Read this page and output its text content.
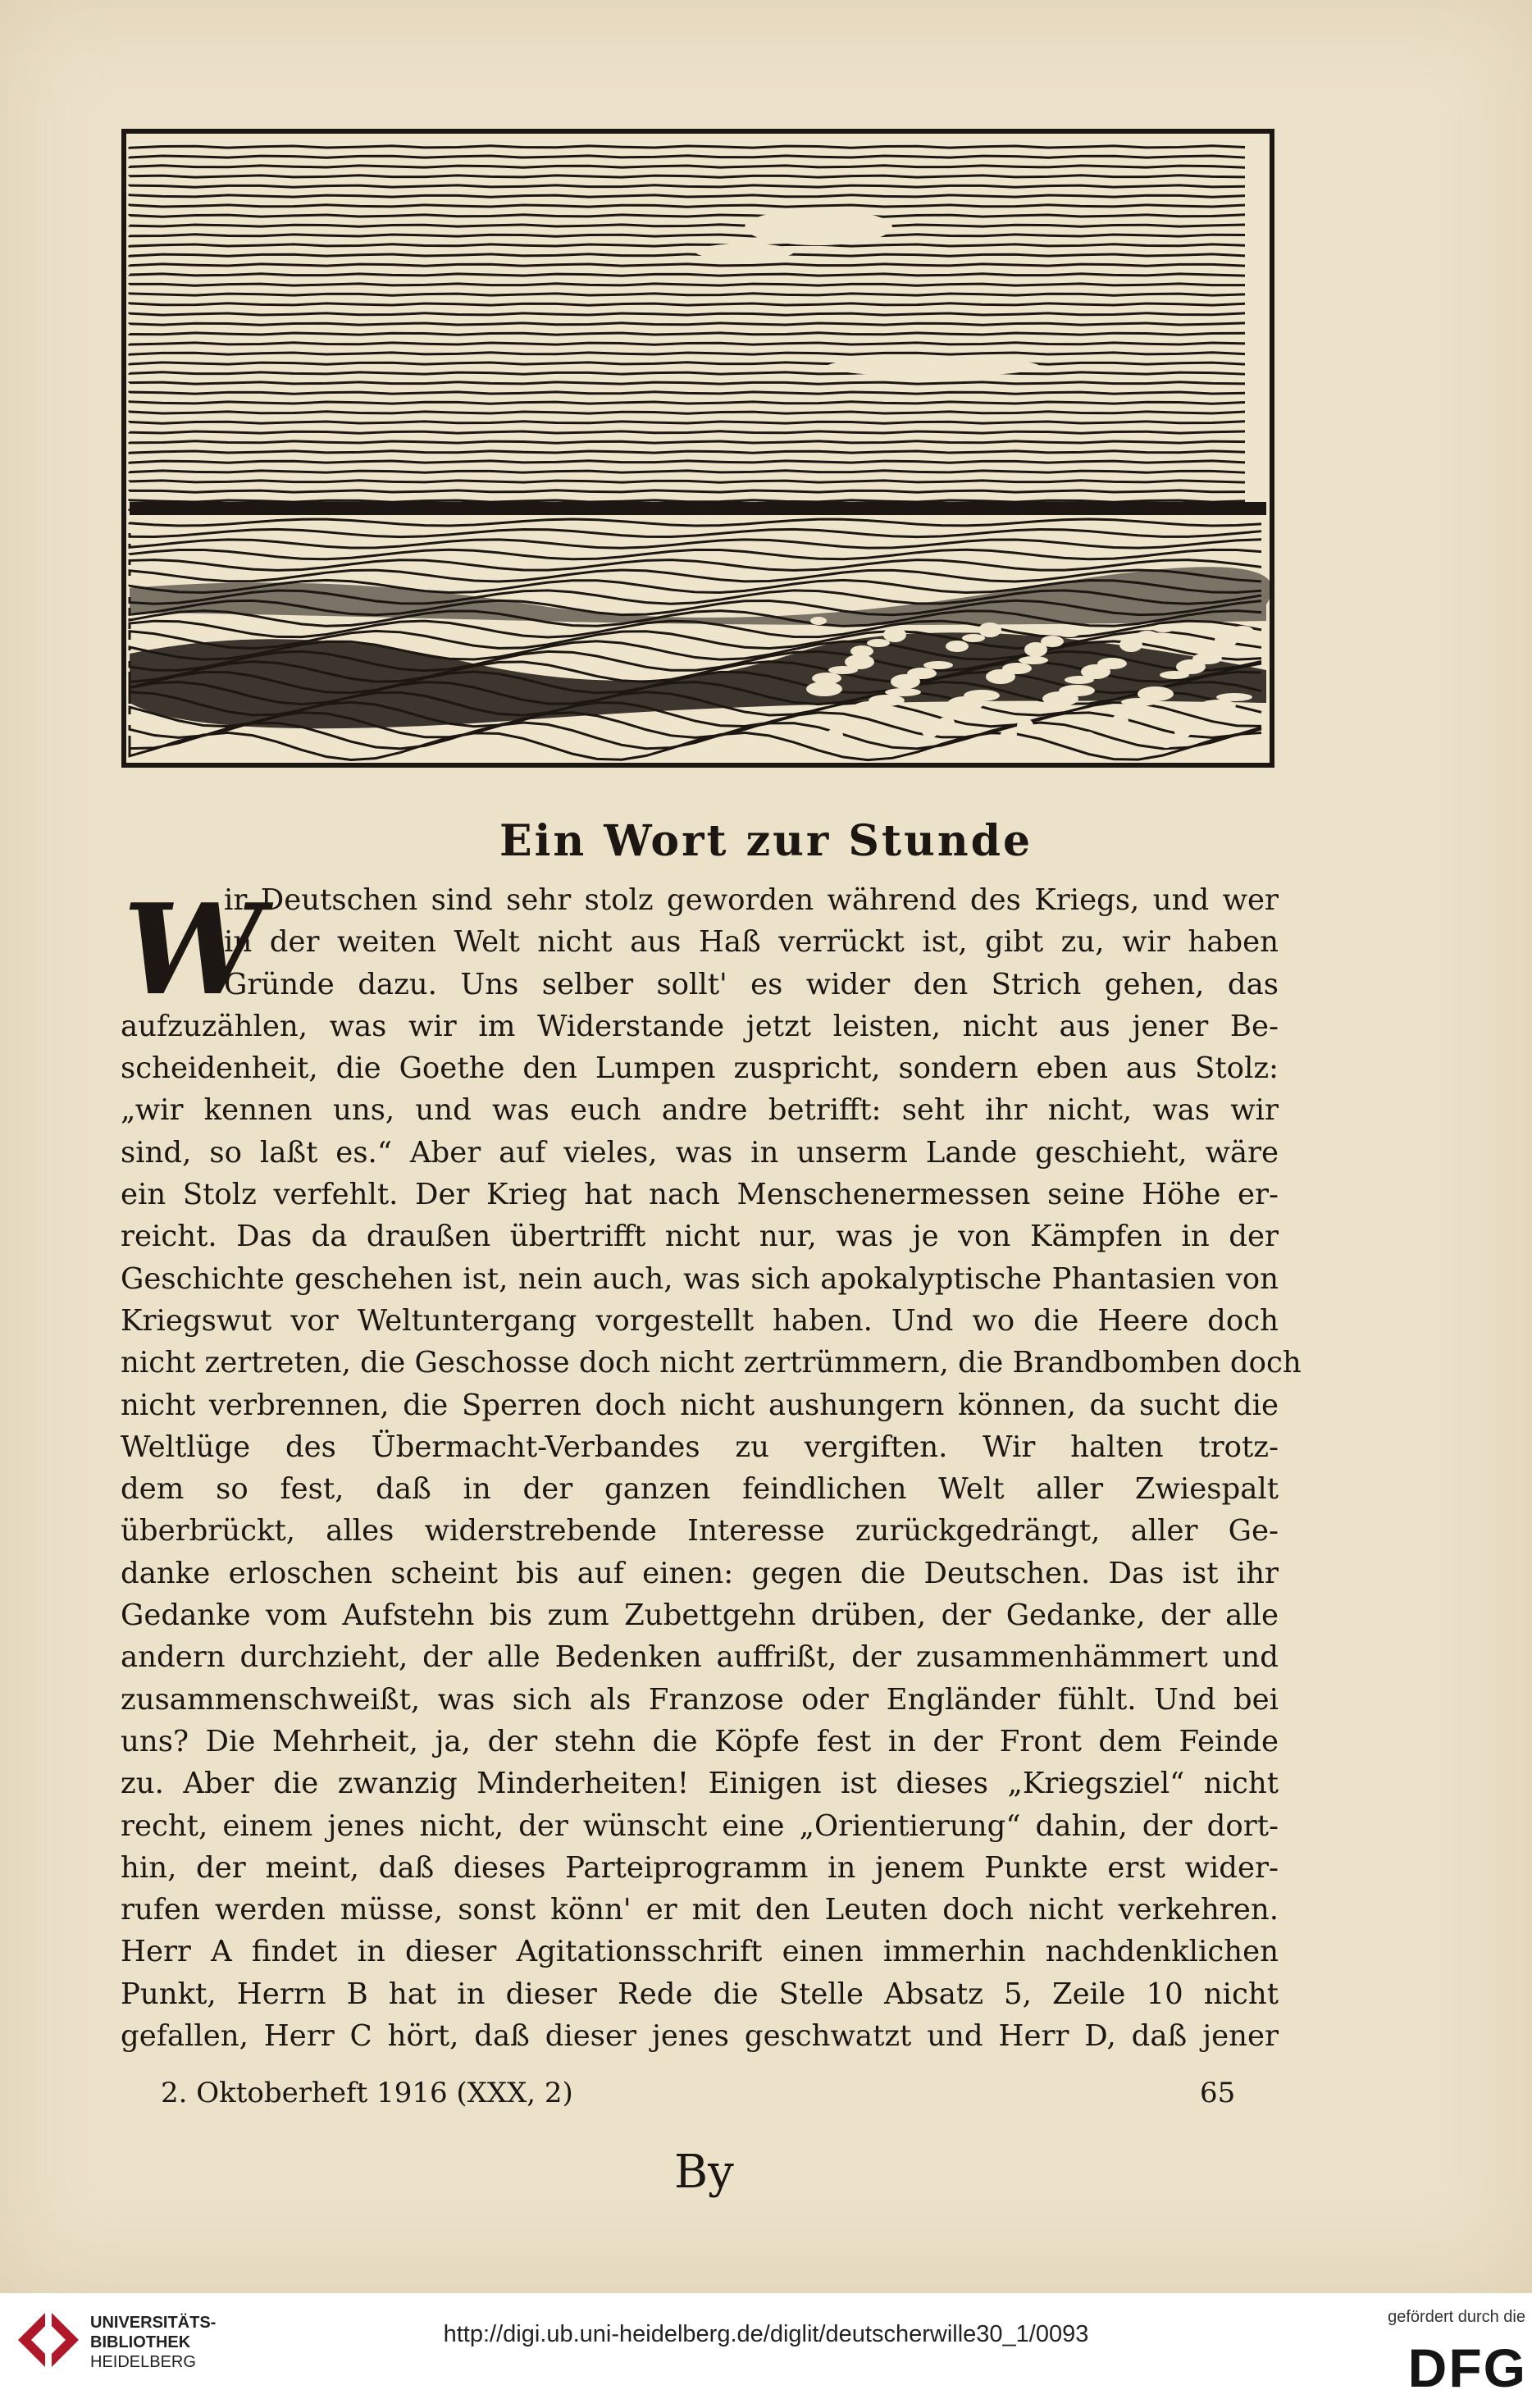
Ein Wort zur Stunde
W
ir Deutschen sind sehr stolz geworden während des Kriegs, und wer
in der weiten Welt nicht aus Haß verrückt ist, gibt zu, wir haben
Gründe dazu. Uns selber sollt' es wider den Strich gehen, das
aufzuzählen, was wir im Widerstande jetzt leisten, nicht aus jener Be-
scheidenheit, die Goethe den Lumpen zuspricht, sondern eben aus Stolz:
„wir kennen uns, und was euch andre betrifft: seht ihr nicht, was wir
sind, so laßt es.“ Aber auf vieles, was in unserm Lande geschieht, wäre
ein Stolz verfehlt. Der Krieg hat nach Menschenermessen seine Höhe er-
reicht. Das da draußen übertrifft nicht nur, was je von Kämpfen in der
Geschichte geschehen ist, nein auch, was sich apokalyptische Phantasien von
Kriegswut vor Weltuntergang vorgestellt haben. Und wo die Heere doch
nicht zertreten, die Geschosse doch nicht zertrümmern, die Brandbomben doch
nicht verbrennen, die Sperren doch nicht aushungern können, da sucht die
Weltlüge des Übermacht-Verbandes zu vergiften. Wir halten trotz-
dem so fest, daß in der ganzen feindlichen Welt aller Zwiespalt
überbrückt, alles widerstrebende Interesse zurückgedrängt, aller Ge-
danke erloschen scheint bis auf einen: gegen die Deutschen. Das ist ihr
Gedanke vom Aufstehn bis zum Zubettgehn drüben, der Gedanke, der alle
andern durchzieht, der alle Bedenken auffrißt, der zusammenhämmert und
zusammenschweißt, was sich als Franzose oder Engländer fühlt. Und bei
uns? Die Mehrheit, ja, der stehn die Köpfe fest in der Front dem Feinde
zu. Aber die zwanzig Minderheiten! Einigen ist dieses „Kriegsziel“ nicht
recht, einem jenes nicht, der wünscht eine „Orientierung“ dahin, der dort-
hin, der meint, daß dieses Parteiprogramm in jenem Punkte erst wider-
rufen werden müsse, sonst könn' er mit den Leuten doch nicht verkehren.
Herr A findet in dieser Agitationsschrift einen immerhin nachdenklichen
Punkt, Herrn B hat in dieser Rede die Stelle Absatz 5, Zeile 10 nicht
gefallen, Herr C hört, daß dieser jenes geschwatzt und Herr D, daß jener
2. Oktoberheft 1916 (XXX, 2)	65
By
UNIVERSITÄTS-
BIBLIOTHEK
HEIDELBERG
http://digi.ub.uni-heidelberg.de/diglit/deutscherwille30_1/0093
gefördert durch die
DFG
